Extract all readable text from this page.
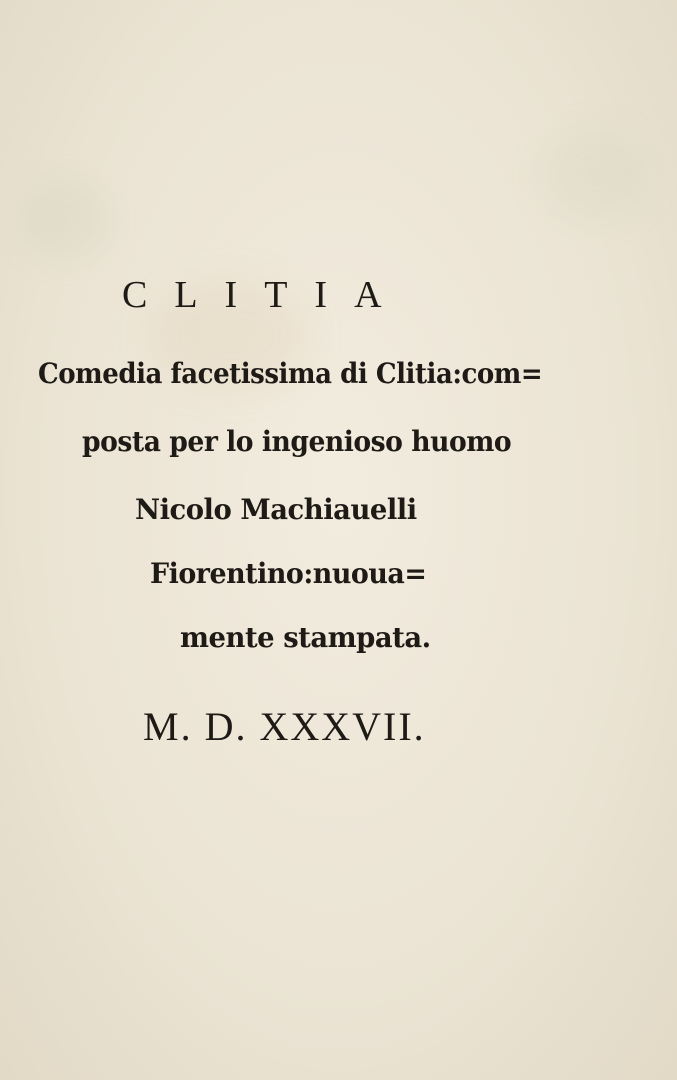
CLITIA
Comedia facetissima di Clitia:com=
posta per lo ingenioso huomo
Nicolo Machiauelli
Fiorentino:nuoua=
mente stampata.
M. D. XXXVII.
